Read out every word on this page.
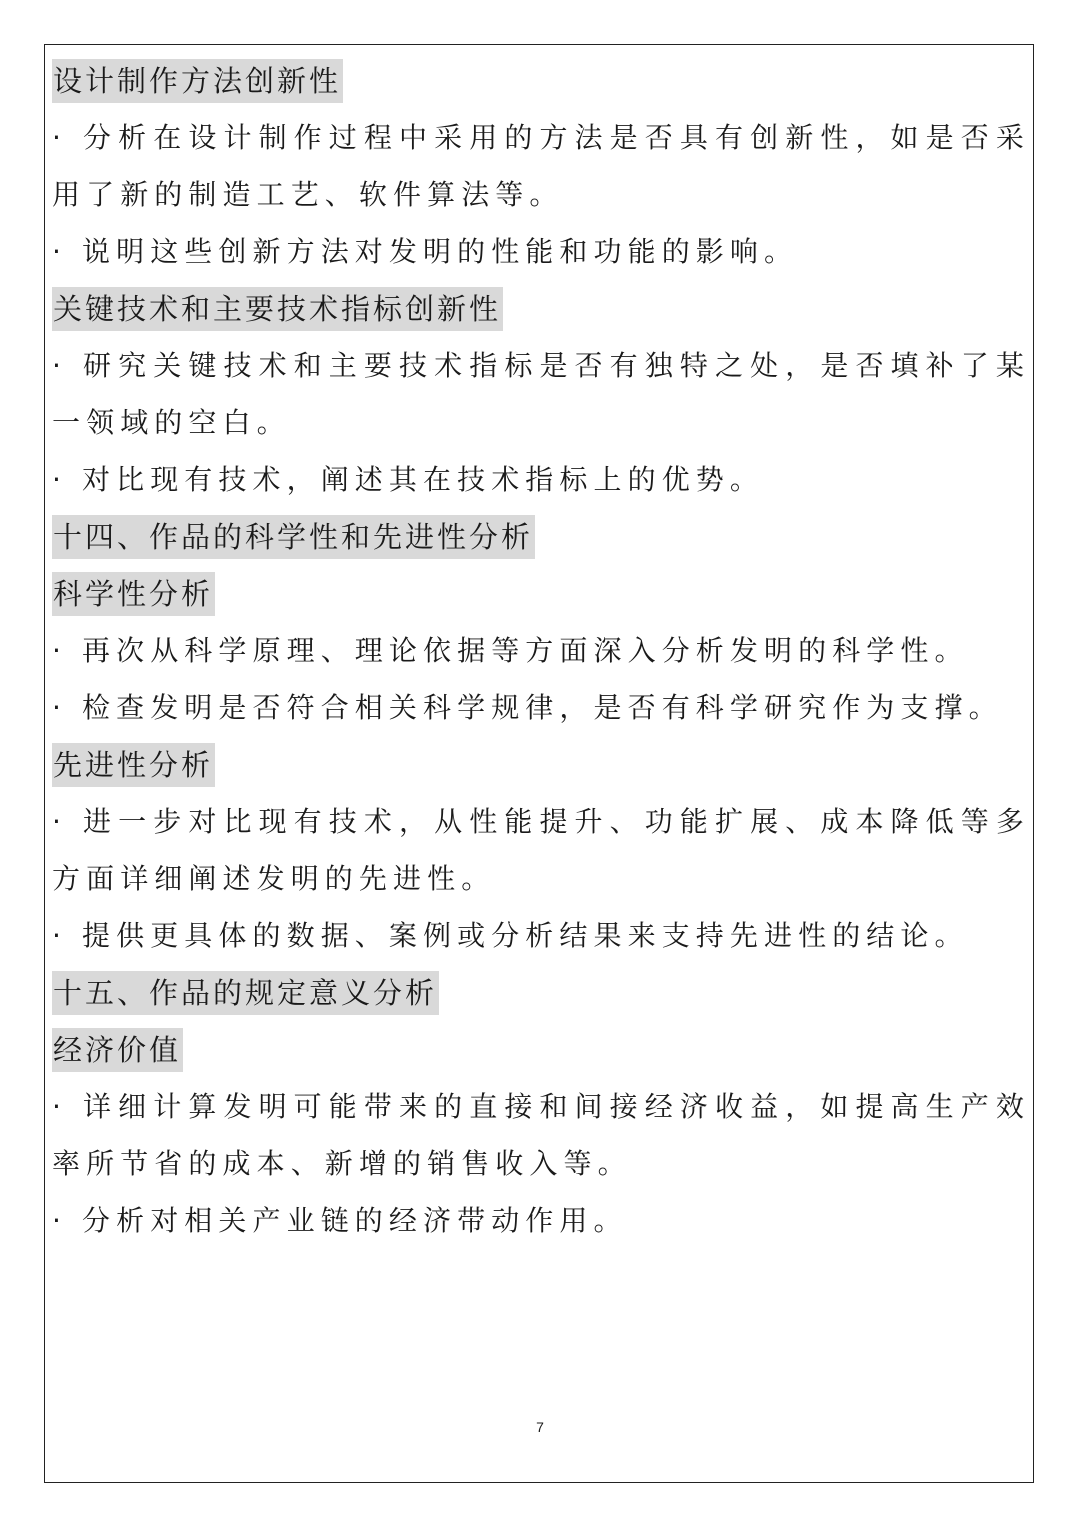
设计制作方法创新性

· 分析在设计制作过程中采用的方法是否具有创新性，如是否采用了新的制造工艺、软件算法等。

· 说明这些创新方法对发明的性能和功能的影响。

关键技术和主要技术指标创新性

· 研究关键技术和主要技术指标是否有独特之处，是否填补了某一领域的空白。

· 对比现有技术，阐述其在技术指标上的优势。

十四、作品的科学性和先进性分析
科学性分析

· 再次从科学原理、理论依据等方面深入分析发明的科学性。

· 检查发明是否符合相关科学规律，是否有科学研究作为支撑。

先进性分析

· 进一步对比现有技术，从性能提升、功能扩展、成本降低等多方面详细阐述发明的先进性。

· 提供更具体的数据、案例或分析结果来支持先进性的结论。

十五、作品的规定意义分析
经济价值

· 详细计算发明可能带来的直接和间接经济收益，如提高生产效率所节省的成本、新增的销售收入等。

· 分析对相关产业链的经济带动作用。

7
